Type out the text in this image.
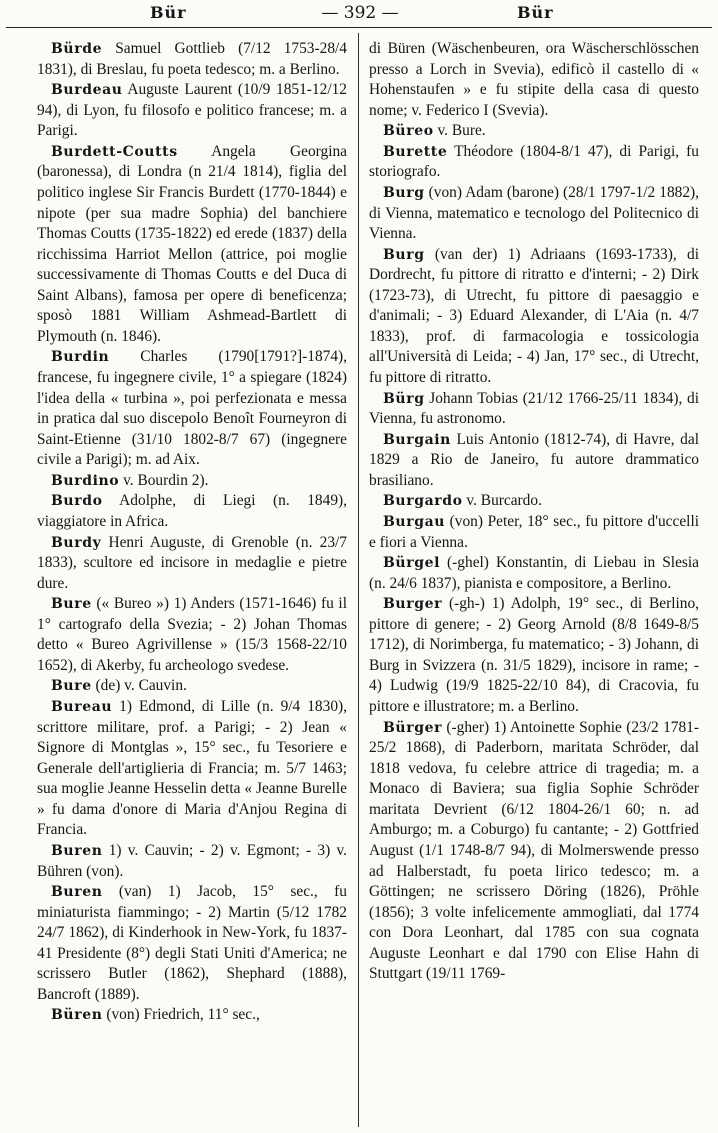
Bür	— 392 —	Bür

Bürde Samuel Gottlieb (7/12 1753-28/4 1831), di Breslau, fu poeta tedesco; m. a Berlino.

Burdeau Auguste Laurent (10/9 1851-12/12 94), di Lyon, fu filosofo e politico francese; m. a Parigi.

Burdett-Coutts Angela Georgina (baronessa), di Londra (n 21/4 1814), figlia del politico inglese Sir Francis Burdett (1770-1844) e nipote (per sua madre Sophia) del banchiere Thomas Coutts (1735-1822) ed erede (1837) della ricchissima Harriot Mellon (attrice, poi moglie successivamente di Thomas Coutts e del Duca di Saint Albans), famosa per opere di beneficenza; sposò 1881 William Ashmead-Bartlett di Plymouth (n. 1846).

Burdin Charles (1790[1791?]-1874), francese, fu ingegnere civile, 1° a spiegare (1824) l'idea della « turbina », poi perfezionata e messa in pratica dal suo discepolo Benoît Fourneyron di Saint-Etienne (31/10 1802-8/7 67) (ingegnere civile a Parigi); m. ad Aix.

Burdino v. Bourdin 2).

Burdo Adolphe, di Liegi (n. 1849), viaggiatore in Africa.

Burdy Henri Auguste, di Grenoble (n. 23/7 1833), scultore ed incisore in medaglie e pietre dure.

Bure (« Bureo ») 1) Anders (1571-1646) fu il 1° cartografo della Svezia; - 2) Johan Thomas detto « Bureo Agrivillense » (15/3 1568-22/10 1652), di Akerby, fu archeologo svedese.

Bure (de) v. Cauvin.

Bureau 1) Edmond, di Lille (n. 9/4 1830), scrittore militare, prof. a Parigi; - 2) Jean « Signore di Montglas », 15° sec., fu Tesoriere e Generale dell'artiglieria di Francia; m. 5/7 1463; sua moglie Jeanne Hesselin detta « Jeanne Burelle » fu dama d'onore di Maria d'Anjou Regina di Francia.

Buren 1) v. Cauvin; - 2) v. Egmont; - 3) v. Bühren (von).

Buren (van) 1) Jacob, 15° sec., fu miniaturista fiammingo; - 2) Martin (5/12 1782 24/7 1862), di Kinderhook in New-York, fu 1837-41 Presidente (8°) degli Stati Uniti d'America; ne scrissero Butler (1862), Shephard (1888), Bancroft (1889).

Büren (von) Friedrich, 11° sec.,

di Büren (Wäschenbeuren, ora Wäscherschlösschen presso a Lorch in Svevia), edificò il castello di « Hohenstaufen » e fu stipite della casa di questo nome; v. Federico I (Svevia).

Büreo v. Bure.

Burette Théodore (1804-8/1 47), di Parigi, fu storiografo.

Burg (von) Adam (barone) (28/1 1797-1/2 1882), di Vienna, matematico e tecnologo del Politecnico di Vienna.

Burg (van der) 1) Adriaans (1693-1733), di Dordrecht, fu pittore di ritratto e d'interni; - 2) Dirk (1723-73), di Utrecht, fu pittore di paesaggio e d'animali; - 3) Eduard Alexander, di L'Aia (n. 4/7 1833), prof. di farmacologia e tossicologia all'Università di Leida; - 4) Jan, 17° sec., di Utrecht, fu pittore di ritratto.

Bürg Johann Tobias (21/12 1766-25/11 1834), di Vienna, fu astronomo.

Burgain Luis Antonio (1812-74), di Havre, dal 1829 a Rio de Janeiro, fu autore drammatico brasiliano.

Burgardo v. Burcardo.

Burgau (von) Peter, 18° sec., fu pittore d'uccelli e fiori a Vienna.

Bürgel (-ghel) Konstantin, di Liebau in Slesia (n. 24/6 1837), pianista e compositore, a Berlino.

Burger (-gh-) 1) Adolph, 19° sec., di Berlino, pittore di genere; - 2) Georg Arnold (8/8 1649-8/5 1712), di Norimberga, fu matematico; - 3) Johann, di Burg in Svizzera (n. 31/5 1829), incisore in rame; - 4) Ludwig (19/9 1825-22/10 84), di Cracovia, fu pittore e illustratore; m. a Berlino.

Bürger (-gher) 1) Antoinette Sophie (23/2 1781-25/2 1868), di Paderborn, maritata Schröder, dal 1818 vedova, fu celebre attrice di tragedia; m. a Monaco di Baviera; sua figlia Sophie Schröder maritata Devrient (6/12 1804-26/1 60; n. ad Amburgo; m. a Coburgo) fu cantante; - 2) Gottfried August (1/1 1748-8/7 94), di Molmerswende presso ad Halberstadt, fu poeta lirico tedesco; m. a Göttingen; ne scrissero Döring (1826), Pröhle (1856); 3 volte infelicemente ammogliati, dal 1774 con Dora Leonhart, dal 1785 con sua cognata Auguste Leonhart e dal 1790 con Elise Hahn di Stuttgart (19/11 1769-
